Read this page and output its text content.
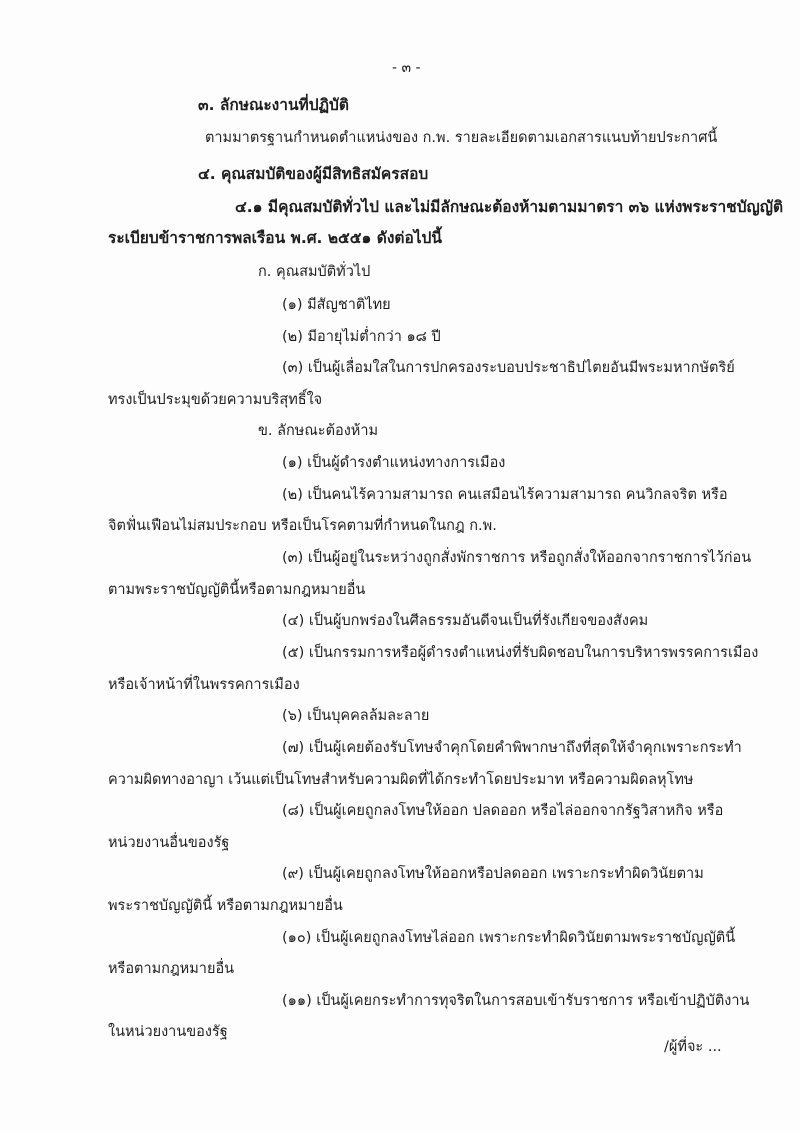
- ๓ -
๓. ลักษณะงานที่ปฏิบัติ
ตามมาตรฐานกำหนดตำแหน่งของ ก.พ. รายละเอียดตามเอกสารแนบท้ายประกาศนี้
๔. คุณสมบัติของผู้มีสิทธิสมัครสอบ
๔.๑ มีคุณสมบัติทั่วไป และไม่มีลักษณะต้องห้ามตามมาตรา ๓๖ แห่งพระราชบัญญัติ
ระเบียบข้าราชการพลเรือน พ.ศ. ๒๕๕๑ ดังต่อไปนี้
ก. คุณสมบัติทั่วไป
(๑) มีสัญชาติไทย
(๒) มีอายุไม่ต่ำกว่า ๑๘ ปี
(๓) เป็นผู้เลื่อมใสในการปกครองระบอบประชาธิปไตยอันมีพระมหากษัตริย์
ทรงเป็นประมุขด้วยความบริสุทธิ์ใจ
ข. ลักษณะต้องห้าม
(๑) เป็นผู้ดำรงตำแหน่งทางการเมือง
(๒) เป็นคนไร้ความสามารถ คนเสมือนไร้ความสามารถ คนวิกลจริต หรือ
จิตฟั่นเฟือนไม่สมประกอบ หรือเป็นโรคตามที่กำหนดในกฎ ก.พ.
(๓) เป็นผู้อยู่ในระหว่างถูกสั่งพักราชการ หรือถูกสั่งให้ออกจากราชการไว้ก่อน
ตามพระราชบัญญัตินี้หรือตามกฎหมายอื่น
(๔) เป็นผู้บกพร่องในศีลธรรมอันดีจนเป็นที่รังเกียจของสังคม
(๕) เป็นกรรมการหรือผู้ดำรงตำแหน่งที่รับผิดชอบในการบริหารพรรคการเมือง
หรือเจ้าหน้าที่ในพรรคการเมือง
(๖) เป็นบุคคลล้มละลาย
(๗) เป็นผู้เคยต้องรับโทษจำคุกโดยคำพิพากษาถึงที่สุดให้จำคุกเพราะกระทำ
ความผิดทางอาญา เว้นแต่เป็นโทษสำหรับความผิดที่ได้กระทำโดยประมาท หรือความผิดลหุโทษ
(๘) เป็นผู้เคยถูกลงโทษให้ออก ปลดออก หรือไล่ออกจากรัฐวิสาหกิจ หรือ
หน่วยงานอื่นของรัฐ
(๙) เป็นผู้เคยถูกลงโทษให้ออกหรือปลดออก เพราะกระทำผิดวินัยตาม
พระราชบัญญัตินี้ หรือตามกฎหมายอื่น
(๑๐) เป็นผู้เคยถูกลงโทษไล่ออก เพราะกระทำผิดวินัยตามพระราชบัญญัตินี้
หรือตามกฎหมายอื่น
(๑๑) เป็นผู้เคยกระทำการทุจริตในการสอบเข้ารับราชการ หรือเข้าปฏิบัติงาน
ในหน่วยงานของรัฐ
/ผู้ที่จะ ...
